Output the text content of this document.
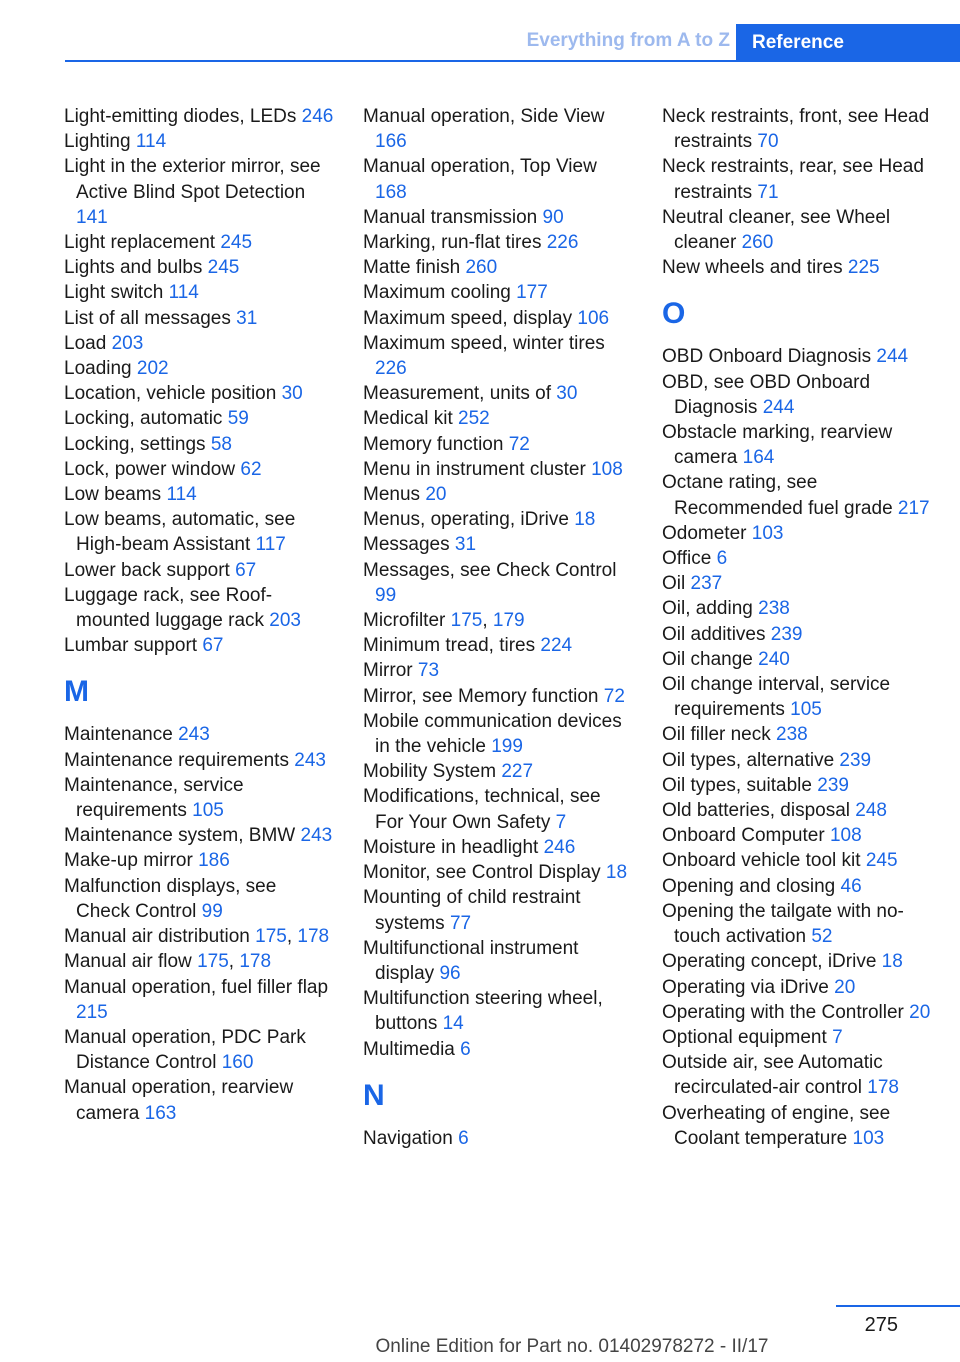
Everything from A to Z	Reference
Light-emitting diodes, LEDs 246
Lighting 114
Light in the exterior mirror, see Active Blind Spot Detection 141
Light replacement 245
Lights and bulbs 245
Light switch 114
List of all messages 31
Load 203
Loading 202
Location, vehicle position 30
Locking, automatic 59
Locking, settings 58
Lock, power window 62
Low beams 114
Low beams, automatic, see High-beam Assistant 117
Lower back support 67
Luggage rack, see Roof-mounted luggage rack 203
Lumbar support 67
M
Maintenance 243
Maintenance requirements 243
Maintenance, service requirements 105
Maintenance system, BMW 243
Make-up mirror 186
Malfunction displays, see Check Control 99
Manual air distribution 175, 178
Manual air flow 175, 178
Manual operation, fuel filler flap 215
Manual operation, PDC Park Distance Control 160
Manual operation, rearview camera 163
Manual operation, Side View 166
Manual operation, Top View 168
Manual transmission 90
Marking, run-flat tires 226
Matte finish 260
Maximum cooling 177
Maximum speed, display 106
Maximum speed, winter tires 226
Measurement, units of 30
Medical kit 252
Memory function 72
Menu in instrument cluster 108
Menus 20
Menus, operating, iDrive 18
Messages 31
Messages, see Check Control 99
Microfilter 175, 179
Minimum tread, tires 224
Mirror 73
Mirror, see Memory function 72
Mobile communication devices in the vehicle 199
Mobility System 227
Modifications, technical, see For Your Own Safety 7
Moisture in headlight 246
Monitor, see Control Display 18
Mounting of child restraint systems 77
Multifunctional instrument display 96
Multifunction steering wheel, buttons 14
Multimedia 6
N
Navigation 6
Neck restraints, front, see Head restraints 70
Neck restraints, rear, see Head restraints 71
Neutral cleaner, see Wheel cleaner 260
New wheels and tires 225
O
OBD Onboard Diagnosis 244
OBD, see OBD Onboard Diagnosis 244
Obstacle marking, rearview camera 164
Octane rating, see Recommended fuel grade 217
Odometer 103
Office 6
Oil 237
Oil, adding 238
Oil additives 239
Oil change 240
Oil change interval, service requirements 105
Oil filler neck 238
Oil types, alternative 239
Oil types, suitable 239
Old batteries, disposal 248
Onboard Computer 108
Onboard vehicle tool kit 245
Opening and closing 46
Opening the tailgate with no-touch activation 52
Operating concept, iDrive 18
Operating via iDrive 20
Operating with the Controller 20
Optional equipment 7
Outside air, see Automatic recirculated-air control 178
Overheating of engine, see Coolant temperature 103
275
Online Edition for Part no. 01402978272 - II/17
